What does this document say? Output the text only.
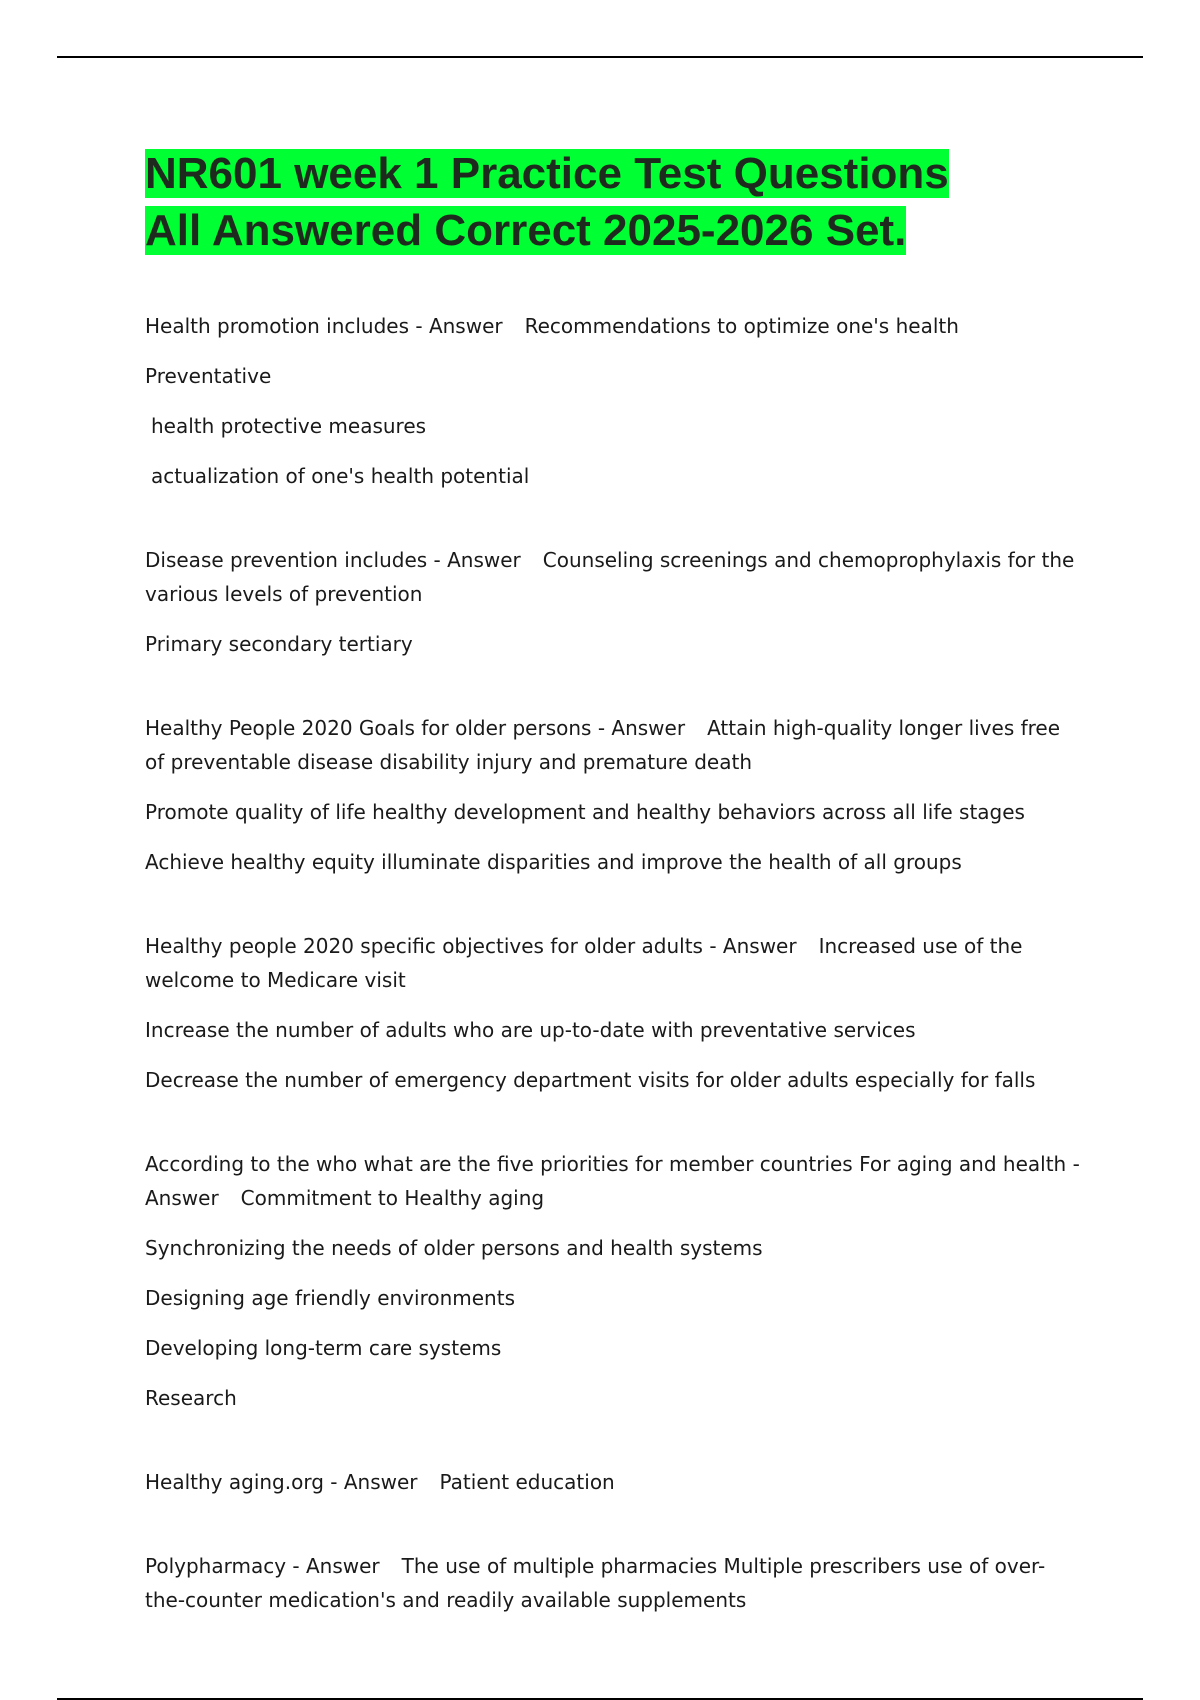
NR601 week 1 Practice Test Questions
All Answered Correct 2025-2026 Set.

Health promotion includes - Answer Recommendations to optimize one's health

Preventative

health protective measures

actualization of one's health potential

Disease prevention includes - Answer Counseling screenings and chemoprophylaxis for the various levels of prevention

Primary secondary tertiary

Healthy People 2020 Goals for older persons - Answer Attain high-quality longer lives free of preventable disease disability injury and premature death

Promote quality of life healthy development and healthy behaviors across all life stages

Achieve healthy equity illuminate disparities and improve the health of all groups

Healthy people 2020 specific objectives for older adults - Answer Increased use of the welcome to Medicare visit

Increase the number of adults who are up-to-date with preventative services

Decrease the number of emergency department visits for older adults especially for falls

According to the who what are the five priorities for member countries For aging and health - Answer Commitment to Healthy aging

Synchronizing the needs of older persons and health systems

Designing age friendly environments

Developing long-term care systems

Research

Healthy aging.org - Answer Patient education

Polypharmacy - Answer The use of multiple pharmacies Multiple prescribers use of over-the-counter medication's and readily available supplements
